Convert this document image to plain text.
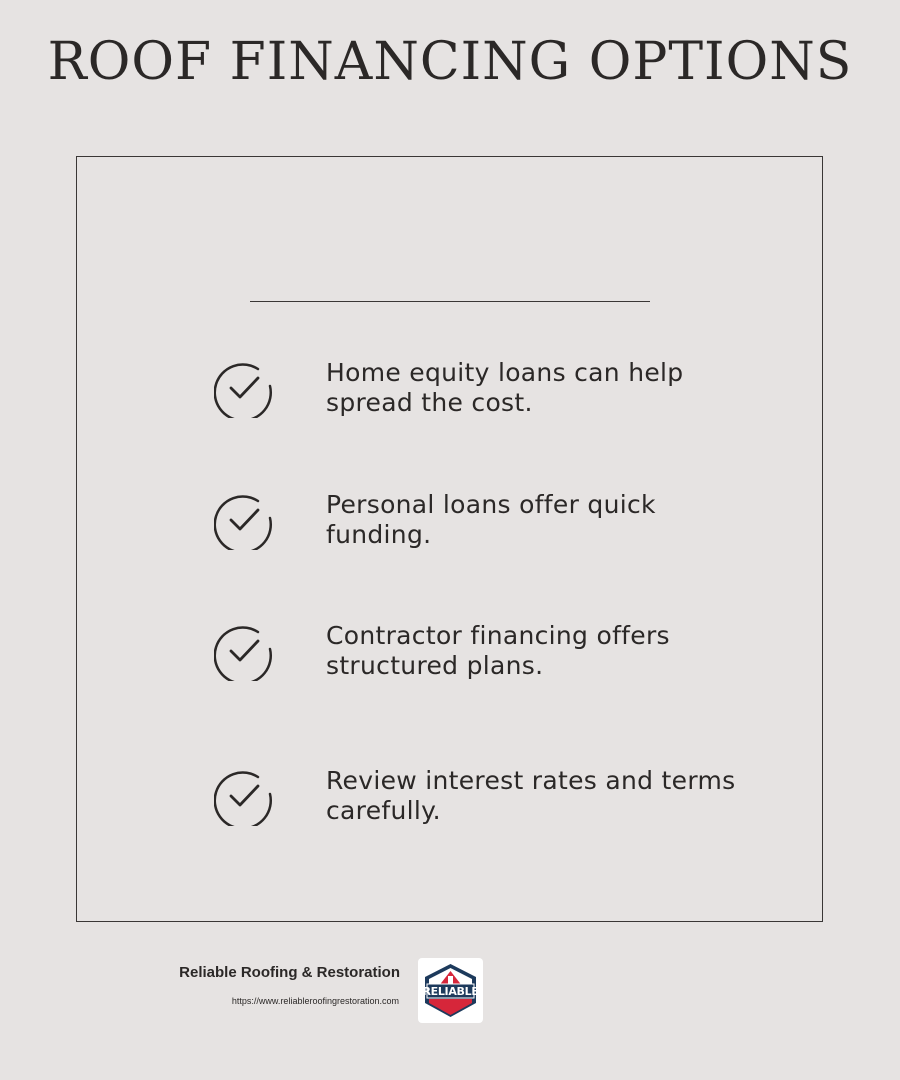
ROOF FINANCING OPTIONS
Home equity loans can help spread the cost.
Personal loans offer quick funding.
Contractor financing offers structured plans.
Review interest rates and terms carefully.
Reliable Roofing & Restoration
https://www.reliableroofingrestoration.com
RELIABLE
